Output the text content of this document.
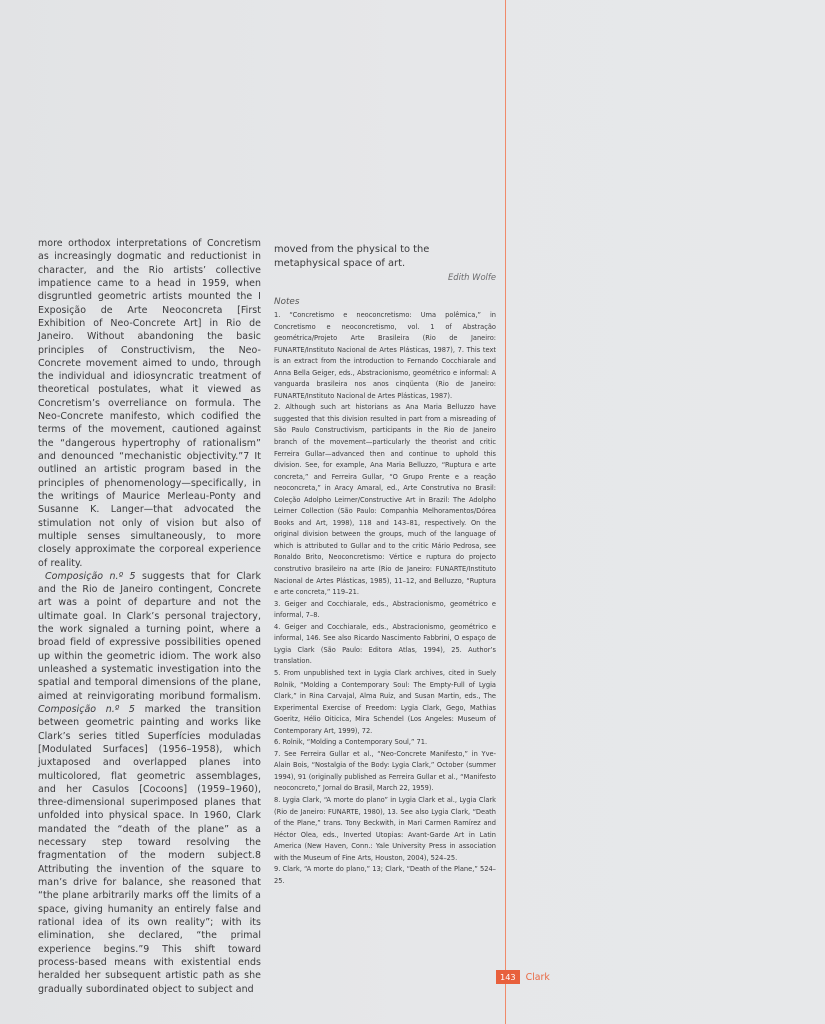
more orthodox interpretations of Concretism as increasingly dogmatic and reductionist in character, and the Rio artists’ collective impatience came to a head in 1959, when disgruntled geometric artists mounted the I Exposição de Arte Neoconcreta [First Exhibition of Neo-Concrete Art] in Rio de Janeiro. Without abandoning the basic principles of Constructivism, the Neo-Concrete movement aimed to undo, through the individual and idiosyncratic treatment of theoretical postulates, what it viewed as Concretism’s overreliance on formula. The Neo-Concrete manifesto, which codified the terms of the movement, cautioned against the “dangerous hypertrophy of rationalism” and denounced “mechanistic objectivity.”7 It outlined an artistic program based in the principles of phenomenology—specifically, in the writings of Maurice Merleau-Ponty and Susanne K. Langer—that advocated the stimulation not only of vision but also of multiple senses simultaneously, to more closely approximate the corporeal experience of reality.

Composição n.º 5 suggests that for Clark and the Rio de Janeiro contingent, Concrete art was a point of departure and not the ultimate goal. In Clark’s personal trajectory, the work signaled a turning point, where a broad field of expressive possibilities opened up within the geometric idiom. The work also unleashed a systematic investigation into the spatial and temporal dimensions of the plane, aimed at reinvigorating moribund formalism. Composição n.º 5 marked the transition between geometric painting and works like Clark’s series titled Superfícies moduladas [Modulated Surfaces] (1956–1958), which juxtaposed and overlapped planes into multicolored, flat geometric assemblages, and her Casulos [Cocoons] (1959–1960), three-dimensional superimposed planes that unfolded into physical space. In 1960, Clark mandated the “death of the plane” as a necessary step toward resolving the fragmentation of the modern subject.8 Attributing the invention of the square to man’s drive for balance, she reasoned that “the plane arbitrarily marks off the limits of a space, giving humanity an entirely false and rational idea of its own reality”; with its elimination, she declared, “the primal experience begins.”9 This shift toward process-based means with existential ends heralded her subsequent artistic path as she gradually subordinated object to subject and

moved from the physical to the metaphysical space of art.

Edith Wolfe

Notes

1. “Concretismo e neoconcretismo: Uma polêmica,” in Concretismo e neoconcretismo, vol. 1 of Abstração geométrica/Projeto Arte Brasileira (Rio de Janeiro: FUNARTE/Instituto Nacional de Artes Plásticas, 1987), 7. This text is an extract from the introduction to Fernando Cocchiarale and Anna Bella Geiger, eds., Abstracionismo, geométrico e informal: A vanguarda brasileira nos anos cinqüenta (Rio de Janeiro: FUNARTE/Instituto Nacional de Artes Plásticas, 1987).
2. Although such art historians as Ana Maria Belluzzo have suggested that this division resulted in part from a misreading of São Paulo Constructivism, participants in the Rio de Janeiro branch of the movement—particularly the theorist and critic Ferreira Gullar—advanced then and continue to uphold this division. See, for example, Ana Maria Belluzzo, “Ruptura e arte concreta,” and Ferreira Gullar, “O Grupo Frente e a reação neoconcreta,” in Aracy Amaral, ed., Arte Construtiva no Brasil: Coleção Adolpho Leirner/Constructive Art in Brazil: The Adolpho Leirner Collection (São Paulo: Companhia Melhoramentos/Dórea Books and Art, 1998), 118 and 143–81, respectively. On the original division between the groups, much of the language of which is attributed to Gullar and to the critic Mário Pedrosa, see Ronaldo Brito, Neoconcretismo: Vértice e ruptura do projecto construtivo brasileiro na arte (Rio de Janeiro: FUNARTE/Instituto Nacional de Artes Plásticas, 1985), 11–12, and Belluzzo, “Ruptura e arte concreta,” 119–21.
3. Geiger and Cocchiarale, eds., Abstracionismo, geométrico e informal, 7–8.
4. Geiger and Cocchiarale, eds., Abstracionismo, geométrico e informal, 146. See also Ricardo Nascimento Fabbrini, O espaço de Lygia Clark (São Paulo: Editora Atlas, 1994), 25. Author’s translation.
5. From unpublished text in Lygia Clark archives, cited in Suely Rolnik, “Molding a Contemporary Soul: The Empty-Full of Lygia Clark,” in Rina Carvajal, Alma Ruiz, and Susan Martin, eds., The Experimental Exercise of Freedom: Lygia Clark, Gego, Mathias Goeritz, Hélio Oiticica, Mira Schendel (Los Angeles: Museum of Contemporary Art, 1999), 72.
6. Rolnik, “Molding a Contemporary Soul,” 71.
7. See Ferreira Gullar et al., “Neo-Concrete Manifesto,” in Yve-Alain Bois, “Nostalgia of the Body: Lygia Clark,” October (summer 1994), 91 (originally published as Ferreira Gullar et al., “Manifesto neoconcreto,” Jornal do Brasil, March 22, 1959).
8. Lygia Clark, “A morte do plano” in Lygia Clark et al., Lygia Clark (Rio de Janeiro: FUNARTE, 1980), 13. See also Lygia Clark, “Death of the Plane,” trans. Tony Beckwith, in Mari Carmen Ramírez and Héctor Olea, eds., Inverted Utopias: Avant-Garde Art in Latin America (New Haven, Conn.: Yale University Press in association with the Museum of Fine Arts, Houston, 2004), 524–25.
9. Clark, “A morte do plano,” 13; Clark, “Death of the Plane,” 524–25.
143	Clark
